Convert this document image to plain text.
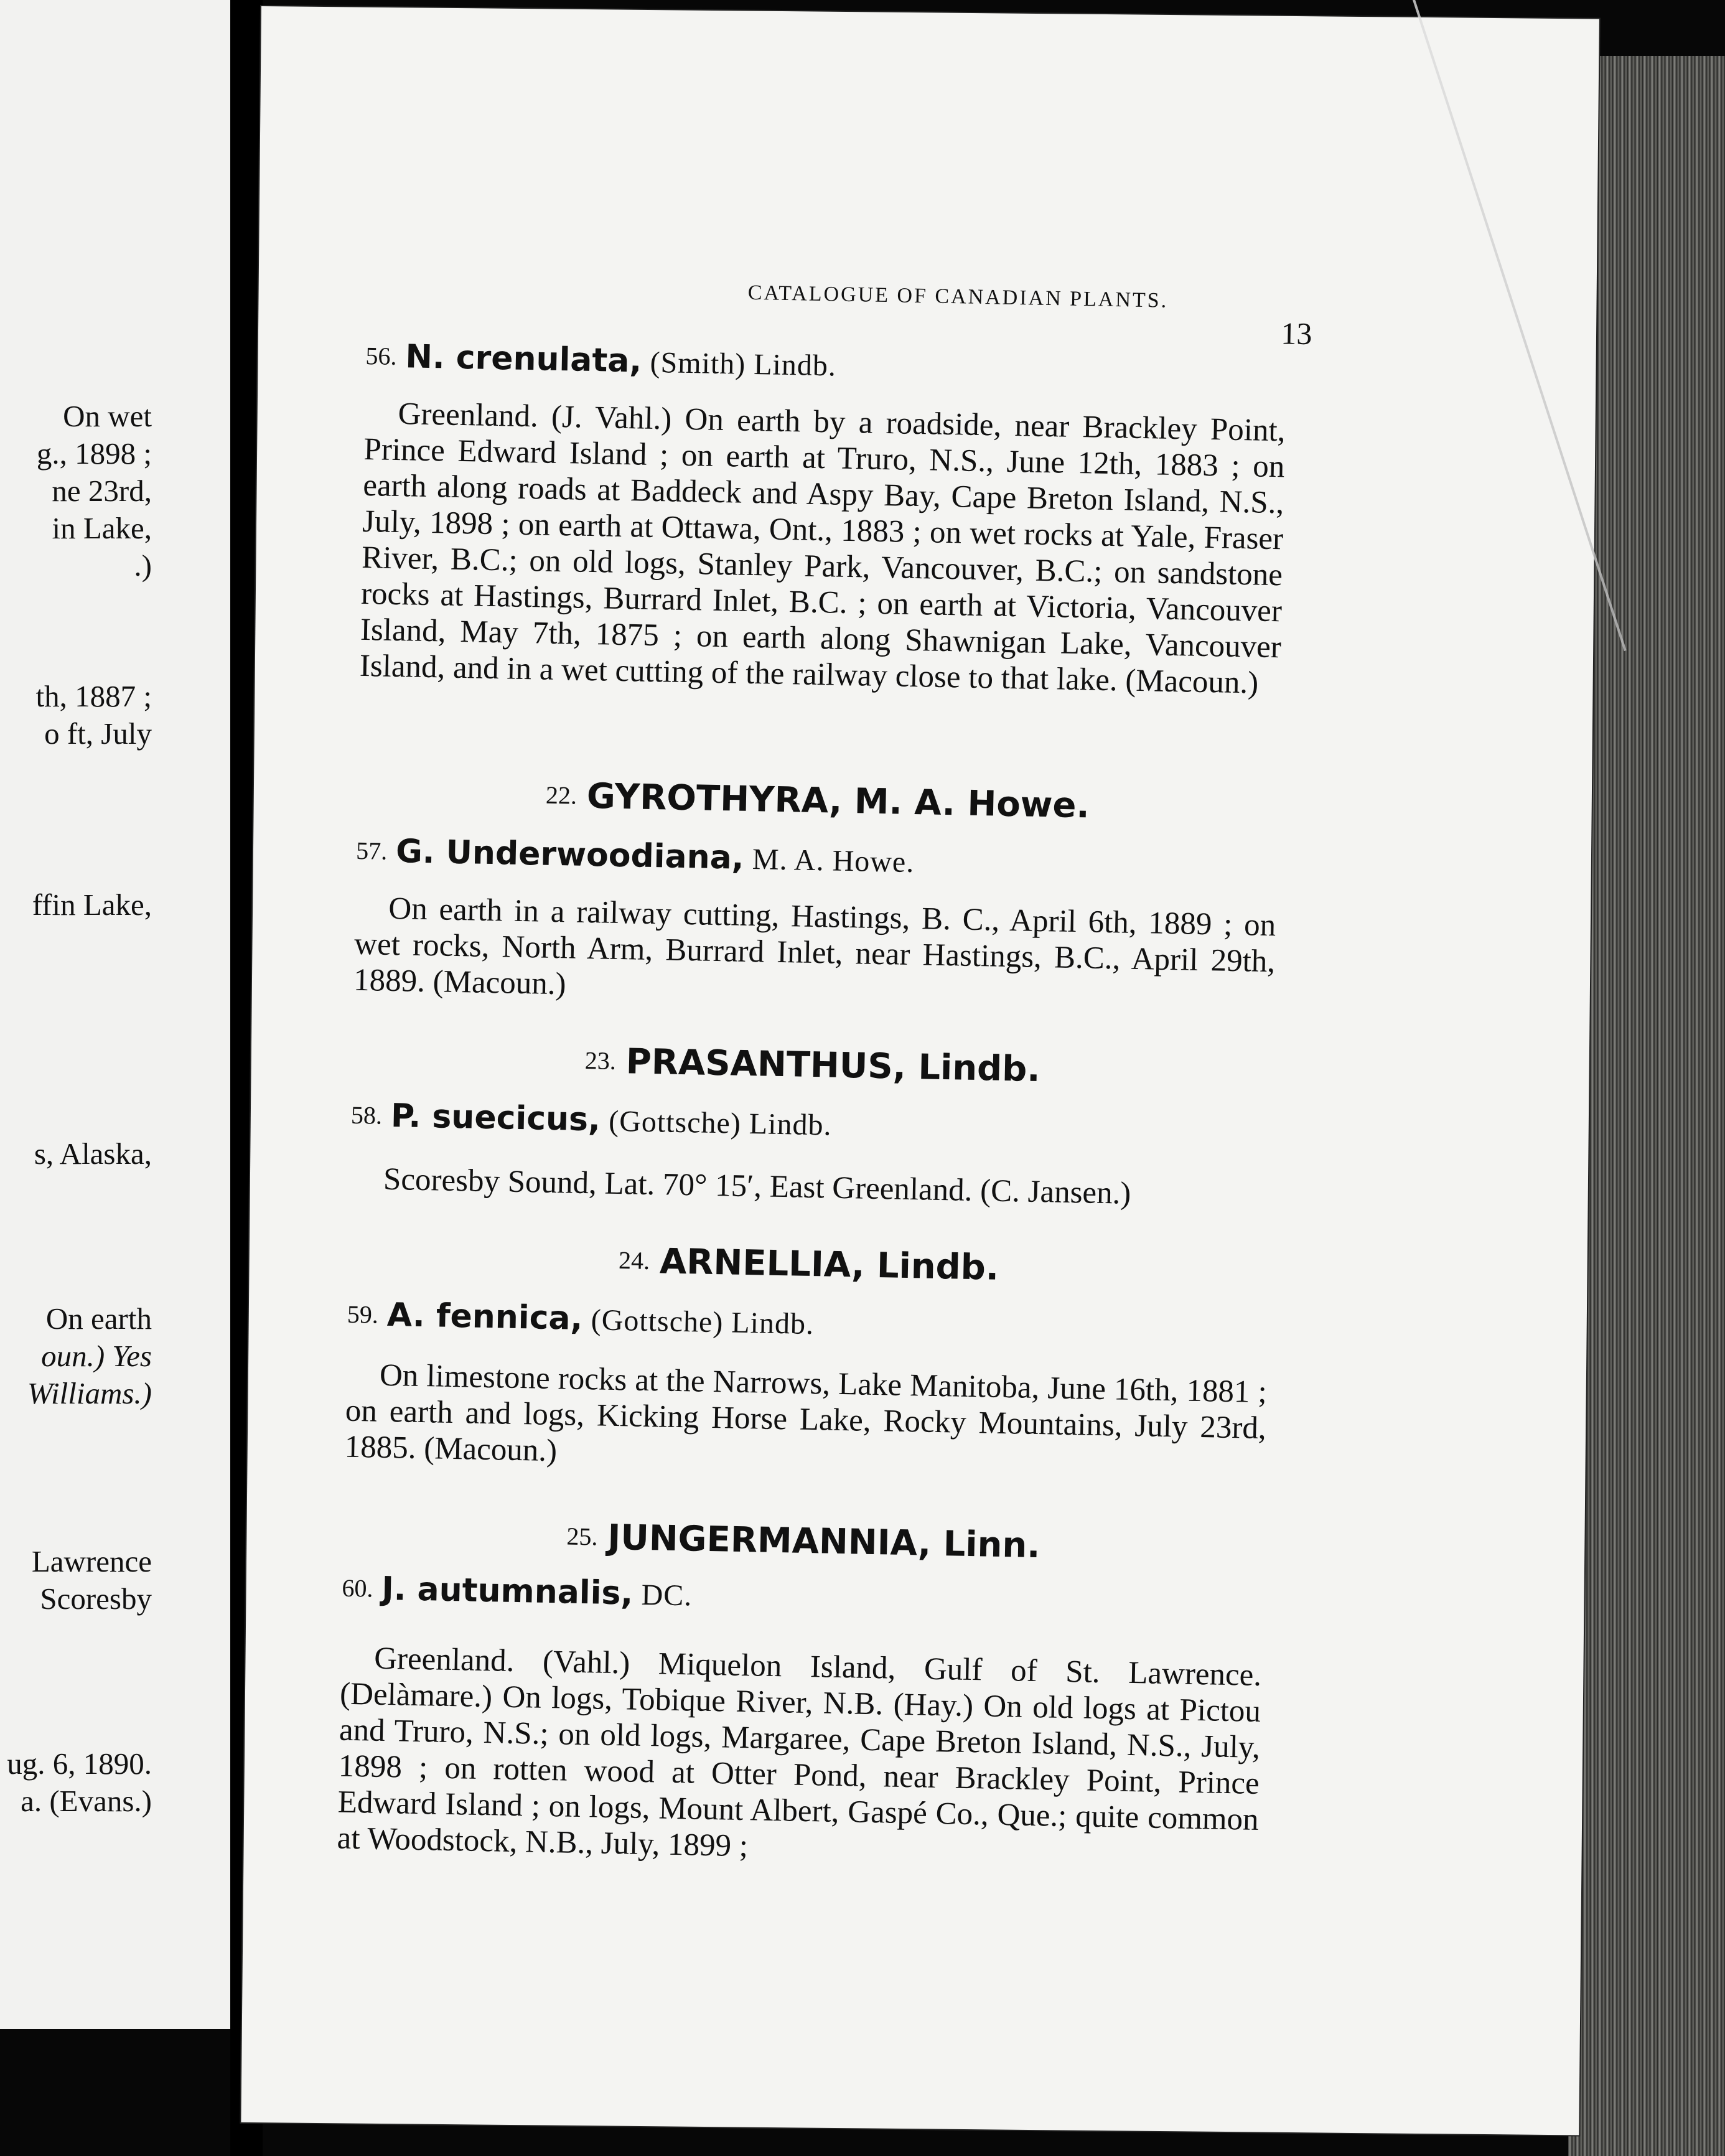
On wet
g., 1898 ;
ne 23rd,
in Lake,
.)
th, 1887 ;
o ft, July
ffin Lake,
s, Alaska,
On earth
oun.) Yes
Williams.)
Lawrence
Scoresby
ug. 6, 1890.
a. (Evans.)
CATALOGUE OF CANADIAN PLANTS.
13
56. N. crenulata, (Smith) Lindb.
Greenland. (J. Vahl.) On earth by a roadside, near Brackley Point, Prince Edward Island ; on earth at Truro, N.S., June 12th, 1883 ; on earth along roads at Baddeck and Aspy Bay, Cape Breton Island, N.S., July, 1898 ; on earth at Ottawa, Ont., 1883 ; on wet rocks at Yale, Fraser River, B.C.; on old logs, Stanley Park, Vancouver, B.C.; on sandstone rocks at Hastings, Burrard Inlet, B.C. ; on earth at Victoria, Vancouver Island, May 7th, 1875 ; on earth along Shawnigan Lake, Vancouver Island, and in a wet cutting of the railway close to that lake. (Macoun.)
22. GYROTHYRA, M. A. Howe.
57. G. Underwoodiana, M. A. Howe.
On earth in a railway cutting, Hastings, B. C., April 6th, 1889 ; on wet rocks, North Arm, Burrard Inlet, near Hastings, B.C., April 29th, 1889. (Macoun.)
23. PRASANTHUS, Lindb.
58. P. suecicus, (Gottsche) Lindb.
Scoresby Sound, Lat. 70° 15′, East Greenland. (C. Jansen.)
24. ARNELLIA, Lindb.
59. A. fennica, (Gottsche) Lindb.
On limestone rocks at the Narrows, Lake Manitoba, June 16th, 1881 ; on earth and logs, Kicking Horse Lake, Rocky Mountains, July 23rd, 1885. (Macoun.)
25. JUNGERMANNIA, Linn.
60. J. autumnalis, DC.
Greenland. (Vahl.) Miquelon Island, Gulf of St. Lawrence. (Delàmare.) On logs, Tobique River, N.B. (Hay.) On old logs at Pictou and Truro, N.S.; on old logs, Margaree, Cape Breton Island, N.S., July, 1898 ; on rotten wood at Otter Pond, near Brackley Point, Prince Edward Island ; on logs, Mount Albert, Gaspé Co., Que.; quite common at Woodstock, N.B., July, 1899 ;
